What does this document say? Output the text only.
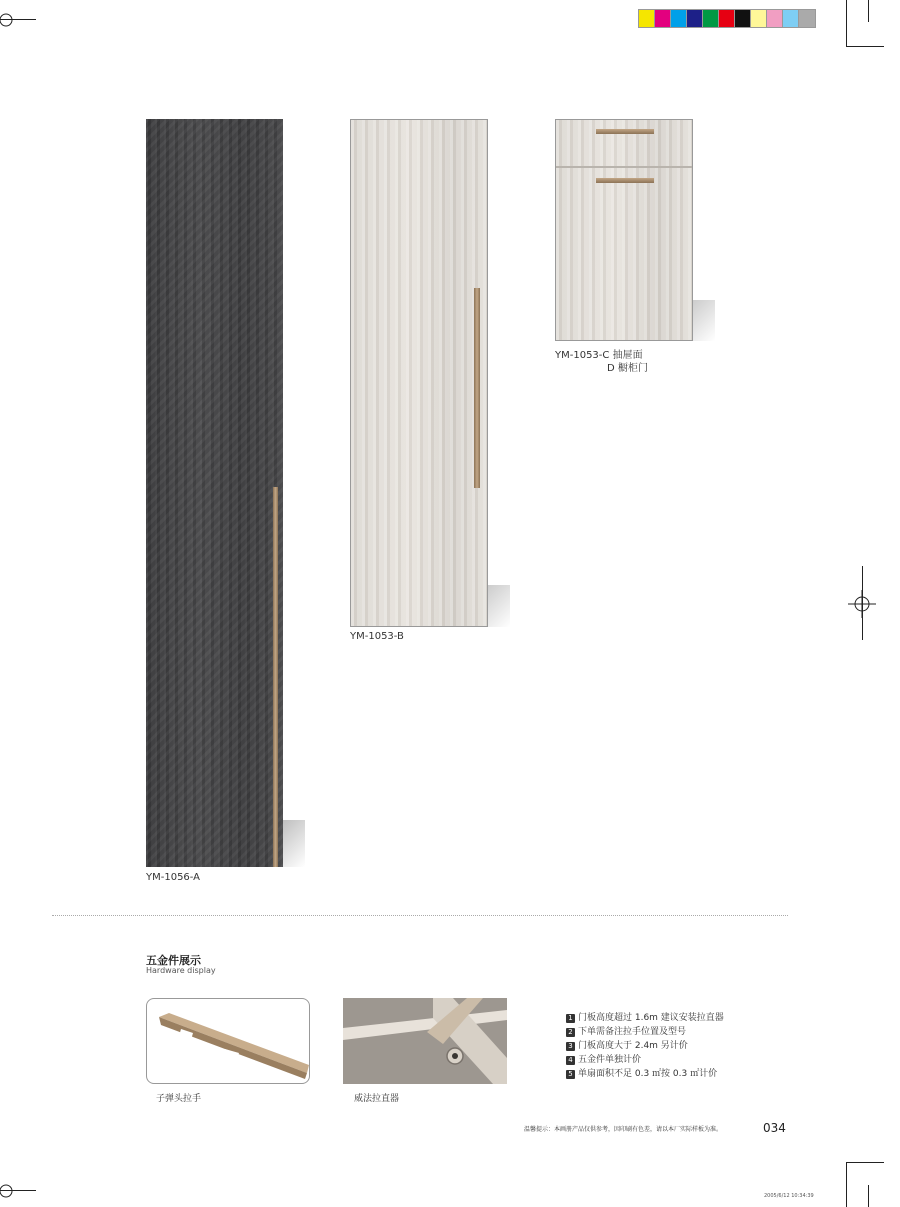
YM-1056-A
YM-1053-B
YM-1053-C 抽屉面
D 橱柜门
五金件展示
Hardware display
子弹头拉手	威法拉直器
1 门板高度超过 1.6m 建议安装拉直器
2 下单需备注拉手位置及型号
3 门板高度大于 2.4m 另计价
4 五金件单独计价
5 单扇面积不足 0.3 ㎡按 0.3 ㎡计价
温馨提示：本画册产品仅供参考，因印刷有色差，请以本厂实际样板为准。	034
2005/6/12 10:34:39
